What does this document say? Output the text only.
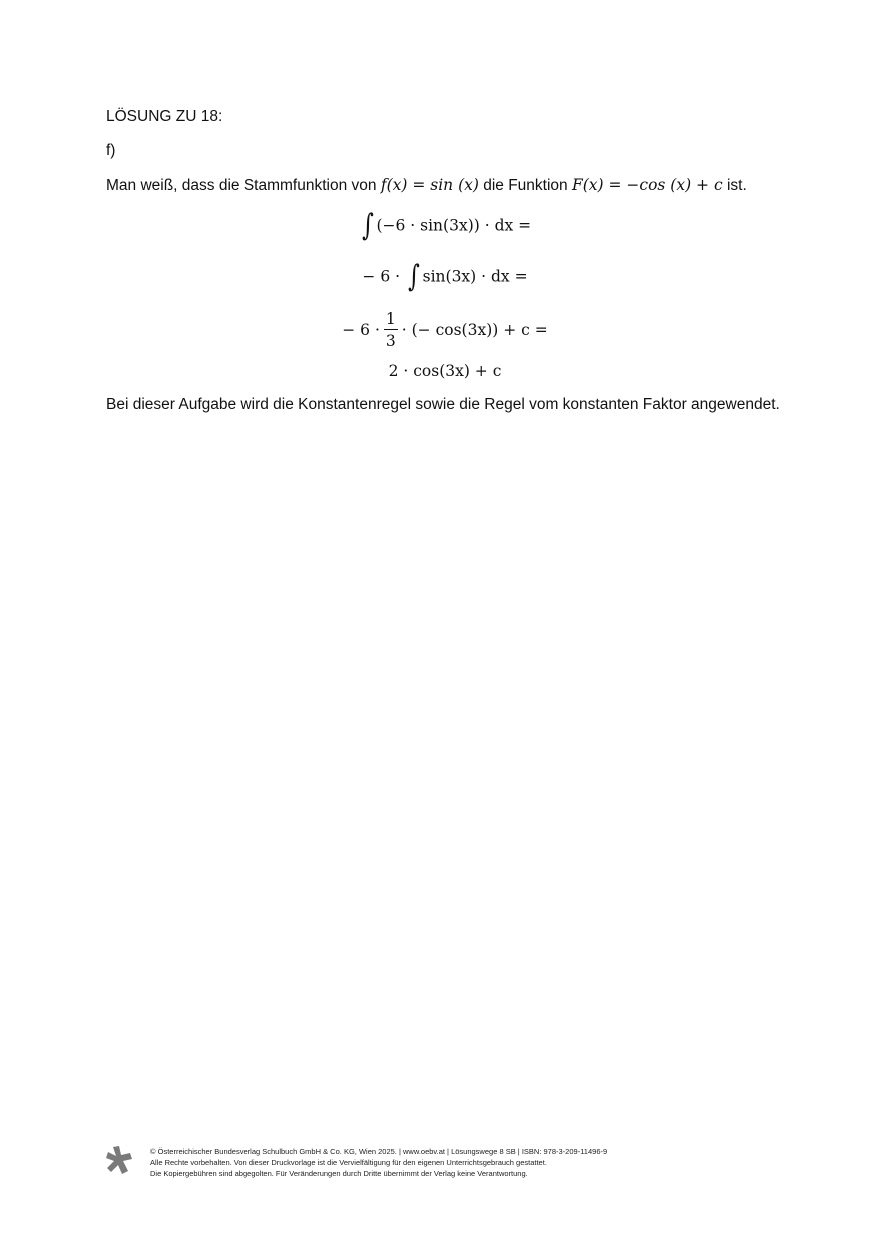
LÖSUNG ZU 18:
f)
Man weiß, dass die Stammfunktion von f(x) = sin (x) die Funktion F(x) = −cos (x) + c ist.
∫ (−6 · sin(3x)) · dx =
− 6 · ∫ sin(3x) · dx =
− $6 \cdot \frac{1}{3}$ · (− cos(3x)) + c =
2 · cos(3x) + c
Bei dieser Aufgabe wird die Konstantenregel sowie die Regel vom konstanten Faktor angewendet.
© Österreichischer Bundesverlag Schulbuch GmbH & Co. KG, Wien 2025. | www.oebv.at | Lösungswege 8 SB | ISBN: 978-3-209-11496-9
Alle Rechte vorbehalten. Von dieser Druckvorlage ist die Vervielfältigung für den eigenen Unterrichtsgebrauch gestattet.
Die Kopiergebühren sind abgegolten. Für Veränderungen durch Dritte übernimmt der Verlag keine Verantwortung.
